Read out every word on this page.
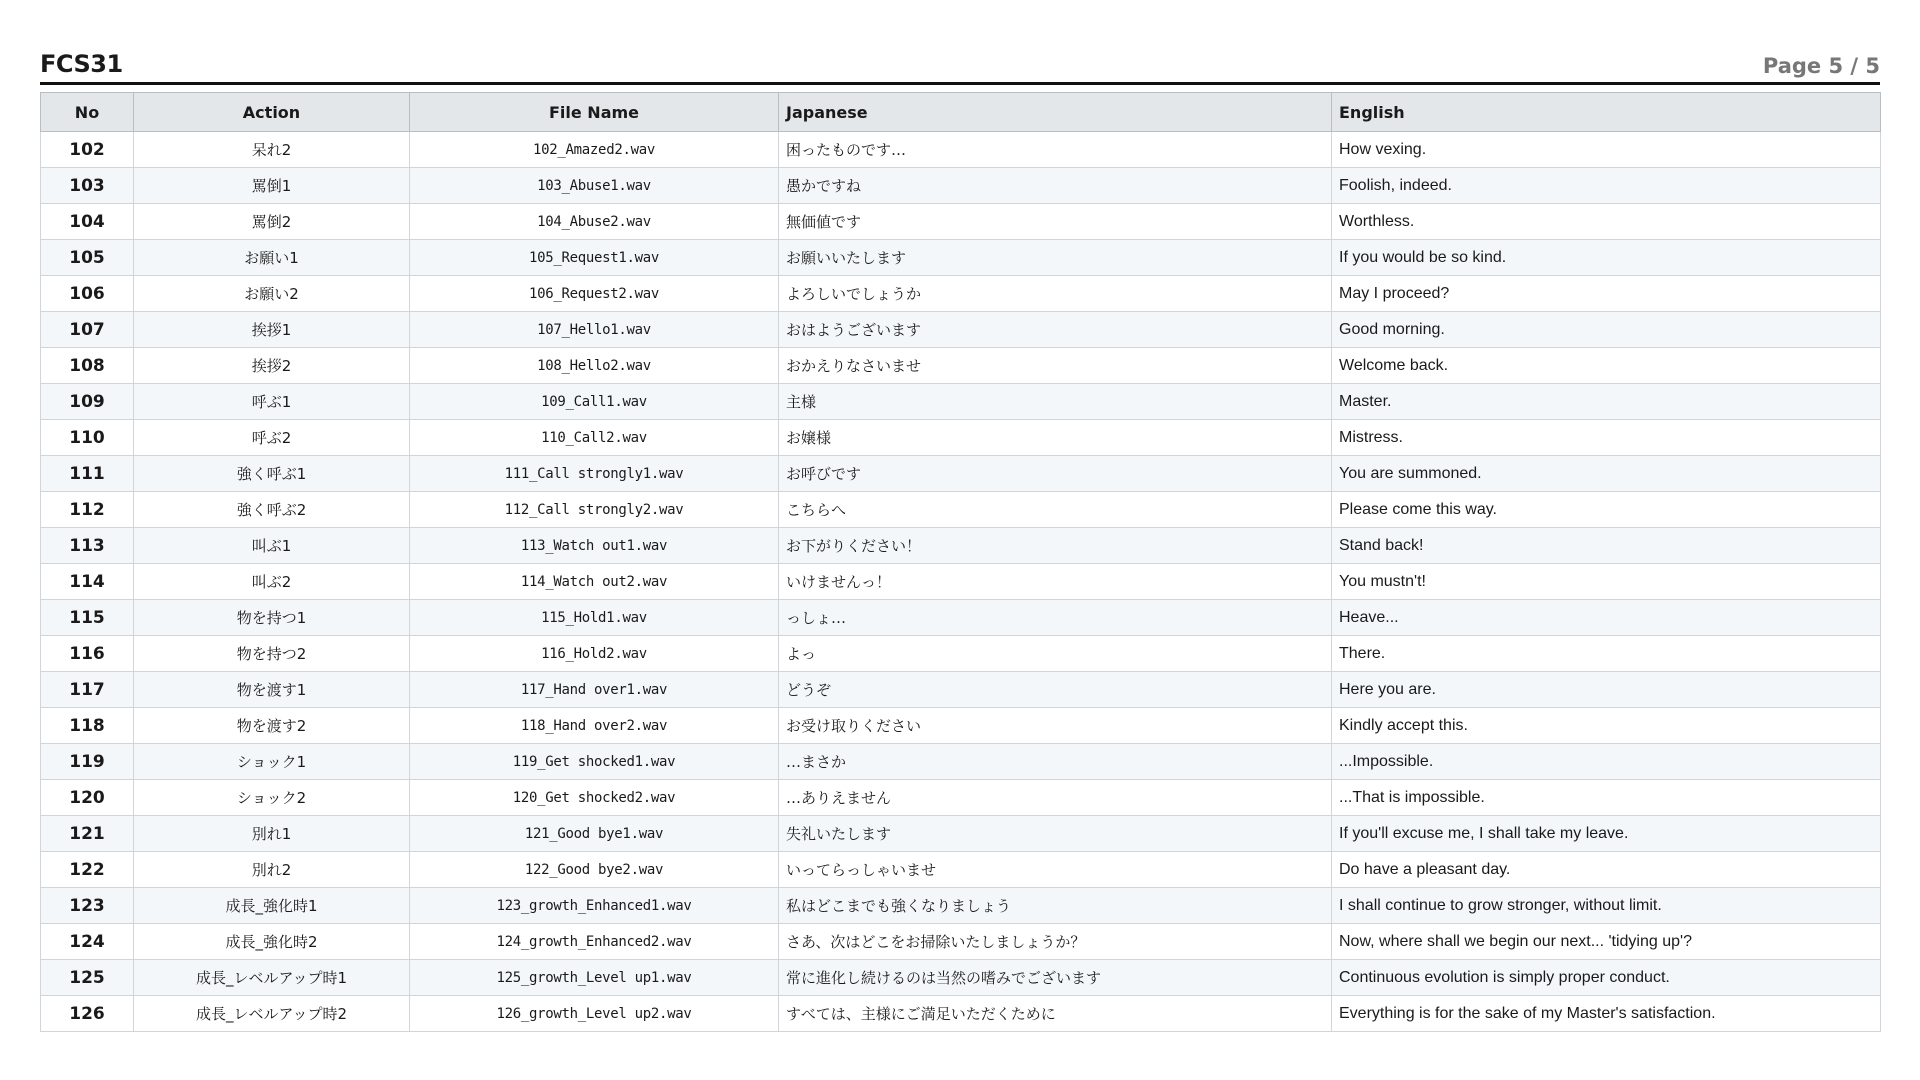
FCS31	Page 5 / 5
No	Action	File Name	Japanese	English
102	呆れ2	102_Amazed2.wav	困ったものです…	How vexing.
103	罵倒1	103_Abuse1.wav	愚かですね	Foolish, indeed.
104	罵倒2	104_Abuse2.wav	無価値です	Worthless.
105	お願い1	105_Request1.wav	お願いいたします	If you would be so kind.
106	お願い2	106_Request2.wav	よろしいでしょうか	May I proceed?
107	挨拶1	107_Hello1.wav	おはようございます	Good morning.
108	挨拶2	108_Hello2.wav	おかえりなさいませ	Welcome back.
109	呼ぶ1	109_Call1.wav	主様	Master.
110	呼ぶ2	110_Call2.wav	お嬢様	Mistress.
111	強く呼ぶ1	111_Call strongly1.wav	お呼びです	You are summoned.
112	強く呼ぶ2	112_Call strongly2.wav	こちらへ	Please come this way.
113	叫ぶ1	113_Watch out1.wav	お下がりください！	Stand back!
114	叫ぶ2	114_Watch out2.wav	いけませんっ！	You mustn't!
115	物を持つ1	115_Hold1.wav	っしょ…	Heave...
116	物を持つ2	116_Hold2.wav	よっ	There.
117	物を渡す1	117_Hand over1.wav	どうぞ	Here you are.
118	物を渡す2	118_Hand over2.wav	お受け取りください	Kindly accept this.
119	ショック1	119_Get shocked1.wav	…まさか	...Impossible.
120	ショック2	120_Get shocked2.wav	…ありえません	...That is impossible.
121	別れ1	121_Good bye1.wav	失礼いたします	If you'll excuse me, I shall take my leave.
122	別れ2	122_Good bye2.wav	いってらっしゃいませ	Do have a pleasant day.
123	成長_強化時1	123_growth_Enhanced1.wav	私はどこまでも強くなりましょう	I shall continue to grow stronger, without limit.
124	成長_強化時2	124_growth_Enhanced2.wav	さあ、次はどこをお掃除いたしましょうか？	Now, where shall we begin our next... 'tidying up'?
125	成長_レベルアップ時1	125_growth_Level up1.wav	常に進化し続けるのは当然の嗜みでございます	Continuous evolution is simply proper conduct.
126	成長_レベルアップ時2	126_growth_Level up2.wav	すべては、主様にご満足いただくために	Everything is for the sake of my Master's satisfaction.
